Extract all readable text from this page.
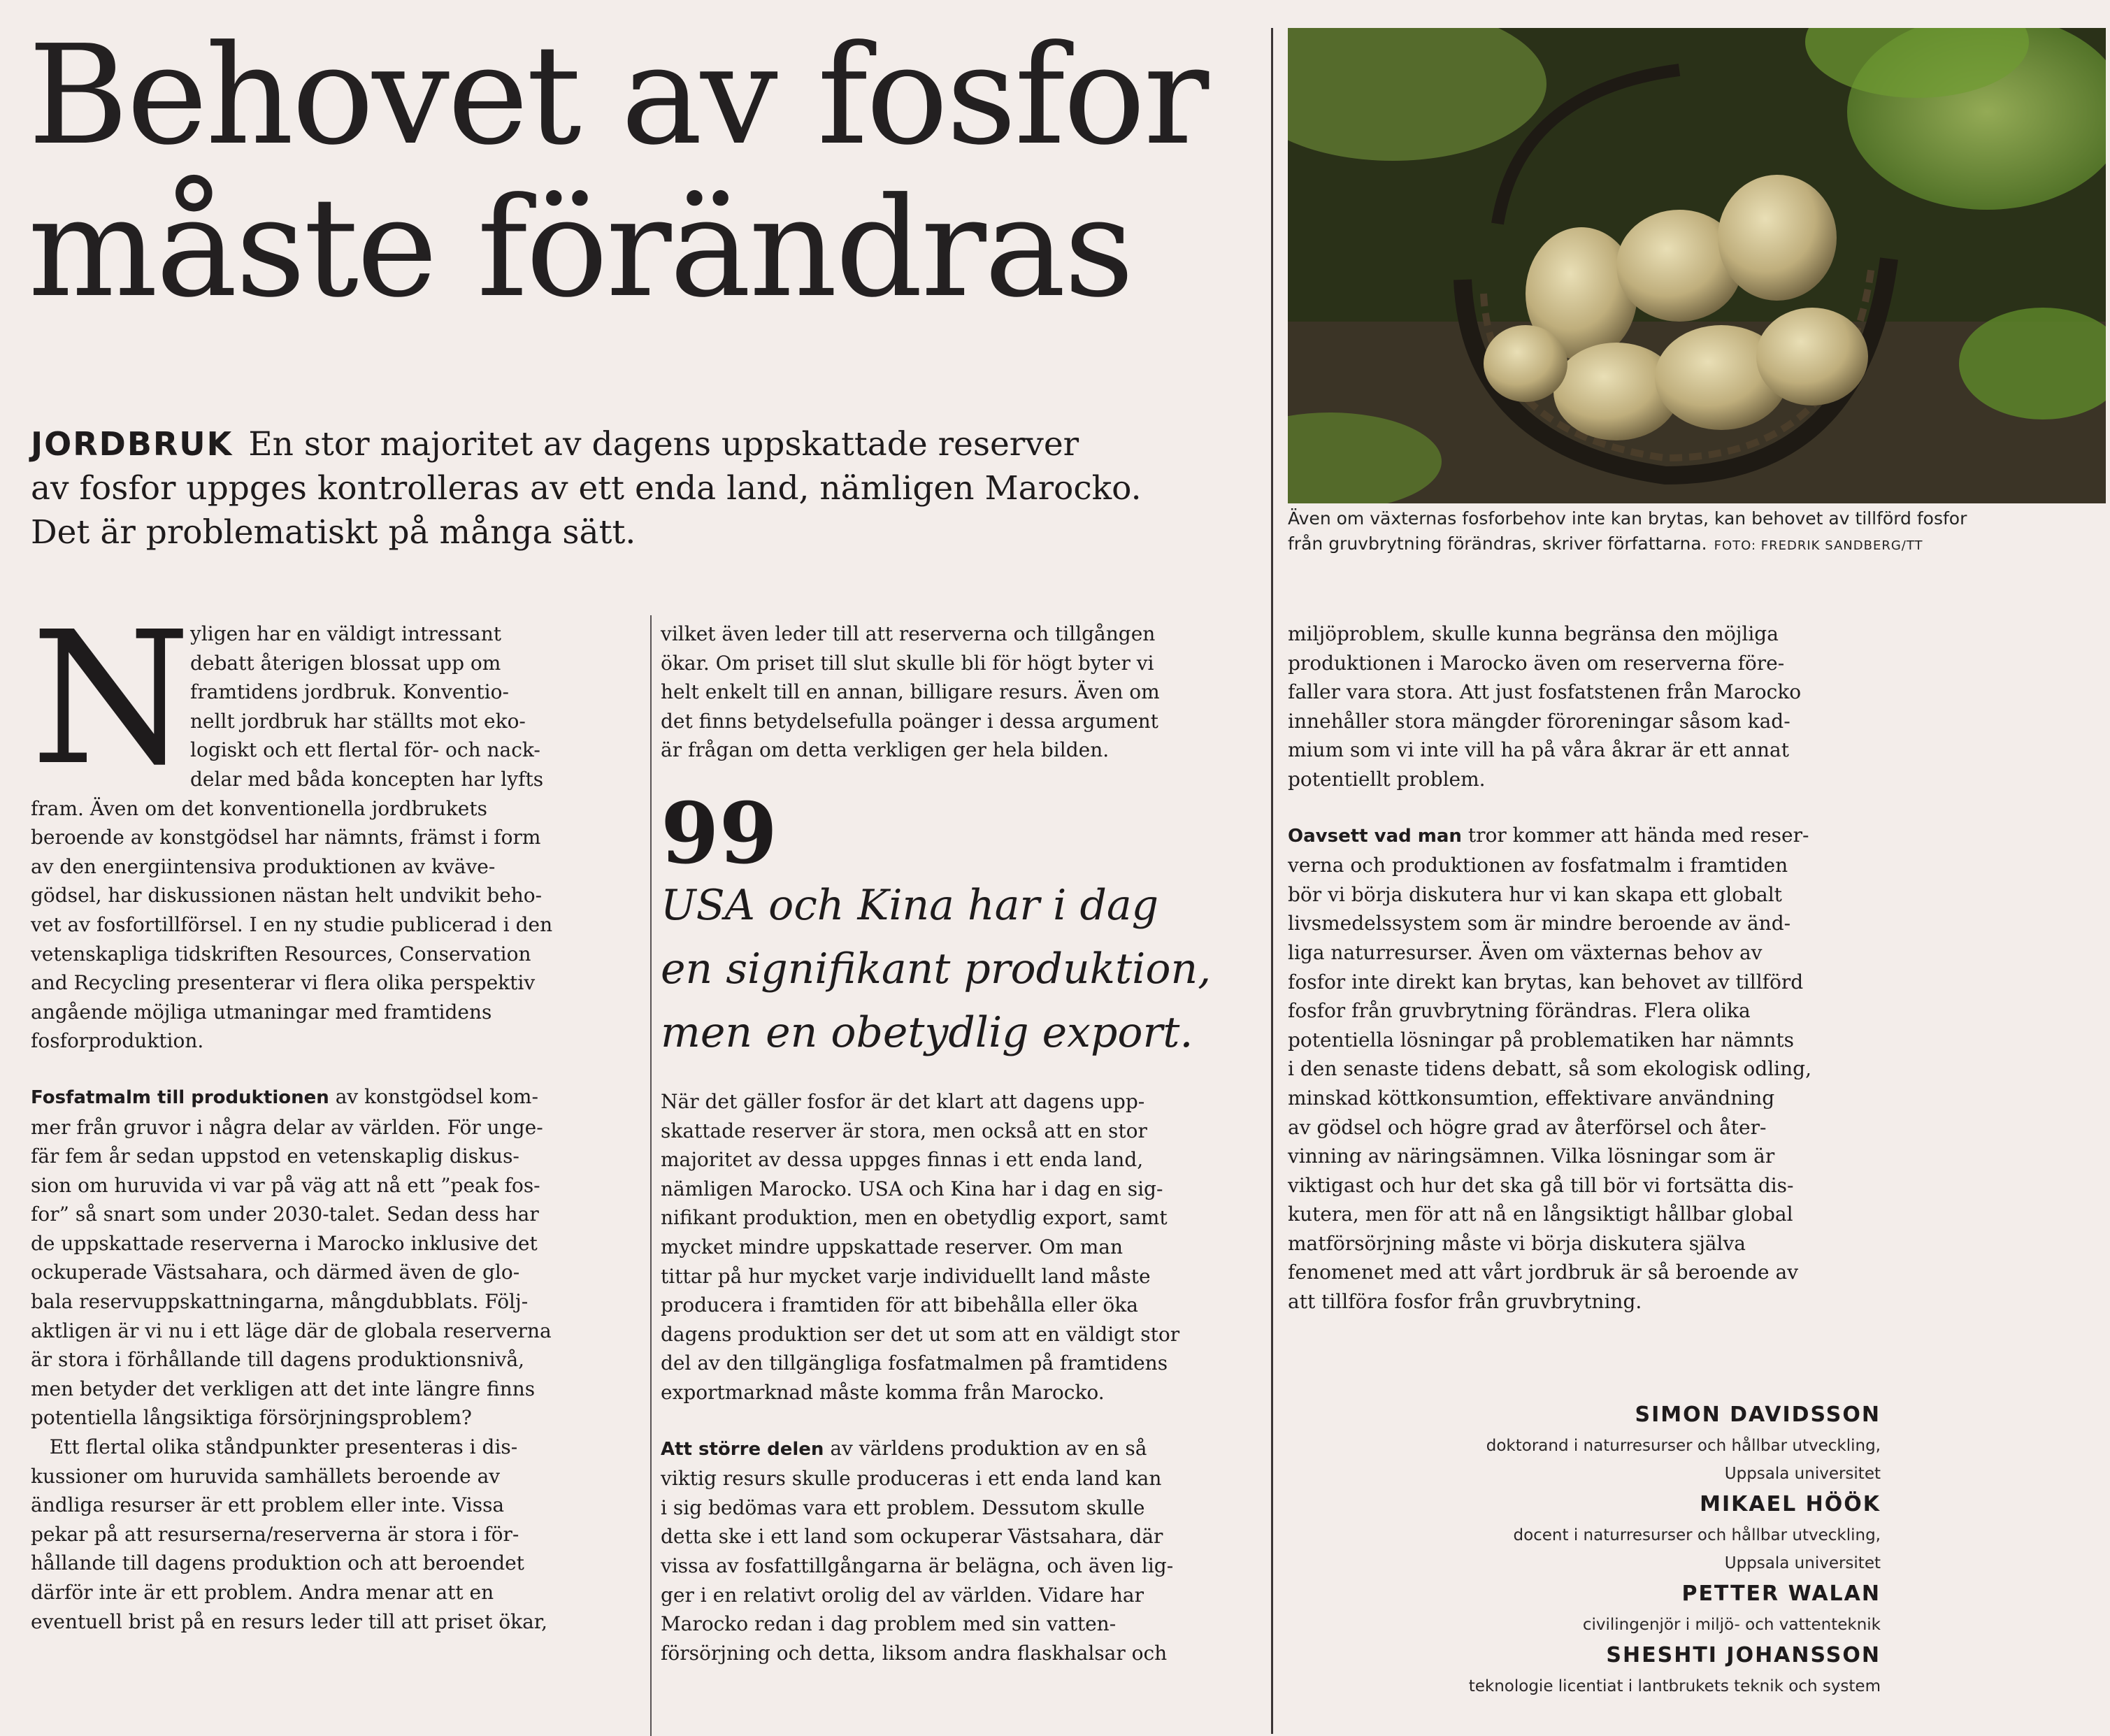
Behovet av fosfor
måste förändras
JORDBRUK En stor majoritet av dagens uppskattade reserver
av fosfor uppges kontrolleras av ett enda land, nämligen Marocko.
Det är problematiskt på många sätt.	Även om växternas fosforbehov inte kan brytas, kan behovet av tillförd fosfor
från gruvbrytning förändras, skriver författarna. FOTO: FREDRIK SANDBERG/TT
N
yligen har en väldigt intressant
debatt återigen blossat upp om
framtidens jordbruk. Konventio-
nellt jordbruk har ställts mot eko-
logiskt och ett flertal för- och nack-
delar med båda koncepten har lyfts

fram. Även om det konventionella jordbrukets
beroende av konstgödsel har nämnts, främst i form
av den energiintensiva produktionen av kväve-
gödsel, har diskussionen nästan helt undvikit beho-
vet av fosfortillförsel. I en ny studie publicerad i den
vetenskapliga tidskriften Resources, Conservation
and Recycling presenterar vi flera olika perspektiv
angående möjliga utmaningar med framtidens
fosforproduktion.

Fosfatmalm till produktionen av konstgödsel kom-
mer från gruvor i några delar av världen. För unge-
fär fem år sedan uppstod en vetenskaplig diskus-
sion om huruvida vi var på väg att nå ett ”peak fos-
for” så snart som under 2030-talet. Sedan dess har
de uppskattade reserverna i Marocko inklusive det
ockuperade Västsahara, och därmed även de glo-
bala reservuppskattningarna, mångdubblats. Följ-
aktligen är vi nu i ett läge där de globala reserverna
är stora i förhållande till dagens produktionsnivå,
men betyder det verkligen att det inte längre finns
potentiella långsiktiga försörjningsproblem?
Ett flertal olika ståndpunkter presenteras i dis-
kussioner om huruvida samhällets beroende av
ändliga resurser är ett problem eller inte. Vissa
pekar på att resurserna/reserverna är stora i för-
hållande till dagens produktion och att beroendet
därför inte är ett problem. Andra menar att en
eventuell brist på en resurs leder till att priset ökar,

vilket även leder till att reserverna och tillgången
ökar. Om priset till slut skulle bli för högt byter vi
helt enkelt till en annan, billigare resurs. Även om
det finns betydelsefulla poänger i dessa argument
är frågan om detta verkligen ger hela bilden.
99
USA och Kina har i dag
en signifikant produktion,
men en obetydlig export.

När det gäller fosfor är det klart att dagens upp-
skattade reserver är stora, men också att en stor
majoritet av dessa uppges finnas i ett enda land,
nämligen Marocko. USA och Kina har i dag en sig-
nifikant produktion, men en obetydlig export, samt
mycket mindre uppskattade reserver. Om man
tittar på hur mycket varje individuellt land måste
producera i framtiden för att bibehålla eller öka
dagens produktion ser det ut som att en väldigt stor
del av den tillgängliga fosfatmalmen på framtidens
exportmarknad måste komma från Marocko.

Att större delen av världens produktion av en så
viktig resurs skulle produceras i ett enda land kan
i sig bedömas vara ett problem. Dessutom skulle
detta ske i ett land som ockuperar Västsahara, där
vissa av fosfattillgångarna är belägna, och även lig-
ger i en relativt orolig del av världen. Vidare har
Marocko redan i dag problem med sin vatten-
försörjning och detta, liksom andra flaskhalsar och

miljöproblem, skulle kunna begränsa den möjliga
produktionen i Marocko även om reserverna före-
faller vara stora. Att just fosfatstenen från Marocko
innehåller stora mängder föroreningar såsom kad-
mium som vi inte vill ha på våra åkrar är ett annat
potentiellt problem.

Oavsett vad man tror kommer att hända med reser-
verna och produktionen av fosfatmalm i framtiden
bör vi börja diskutera hur vi kan skapa ett globalt
livsmedelssystem som är mindre beroende av änd-
liga naturresurser. Även om växternas behov av
fosfor inte direkt kan brytas, kan behovet av tillförd
fosfor från gruvbrytning förändras. Flera olika
potentiella lösningar på problematiken har nämnts
i den senaste tidens debatt, så som ekologisk odling,
minskad köttkonsumtion, effektivare användning
av gödsel och högre grad av återförsel och åter-
vinning av näringsämnen. Vilka lösningar som är
viktigast och hur det ska gå till bör vi fortsätta dis-
kutera, men för att nå en långsiktigt hållbar global
matförsörjning måste vi börja diskutera själva
fenomenet med att vårt jordbruk är så beroende av
att tillföra fosfor från gruvbrytning.

SIMON DAVIDSSON
doktorand i naturresurser och hållbar utveckling,
Uppsala universitet
MIKAEL HÖÖK
docent i naturresurser och hållbar utveckling,
Uppsala universitet
PETTER WALAN
civilingenjör i miljö- och vattenteknik
SHESHTI JOHANSSON
teknologie licentiat i lantbrukets teknik och system
